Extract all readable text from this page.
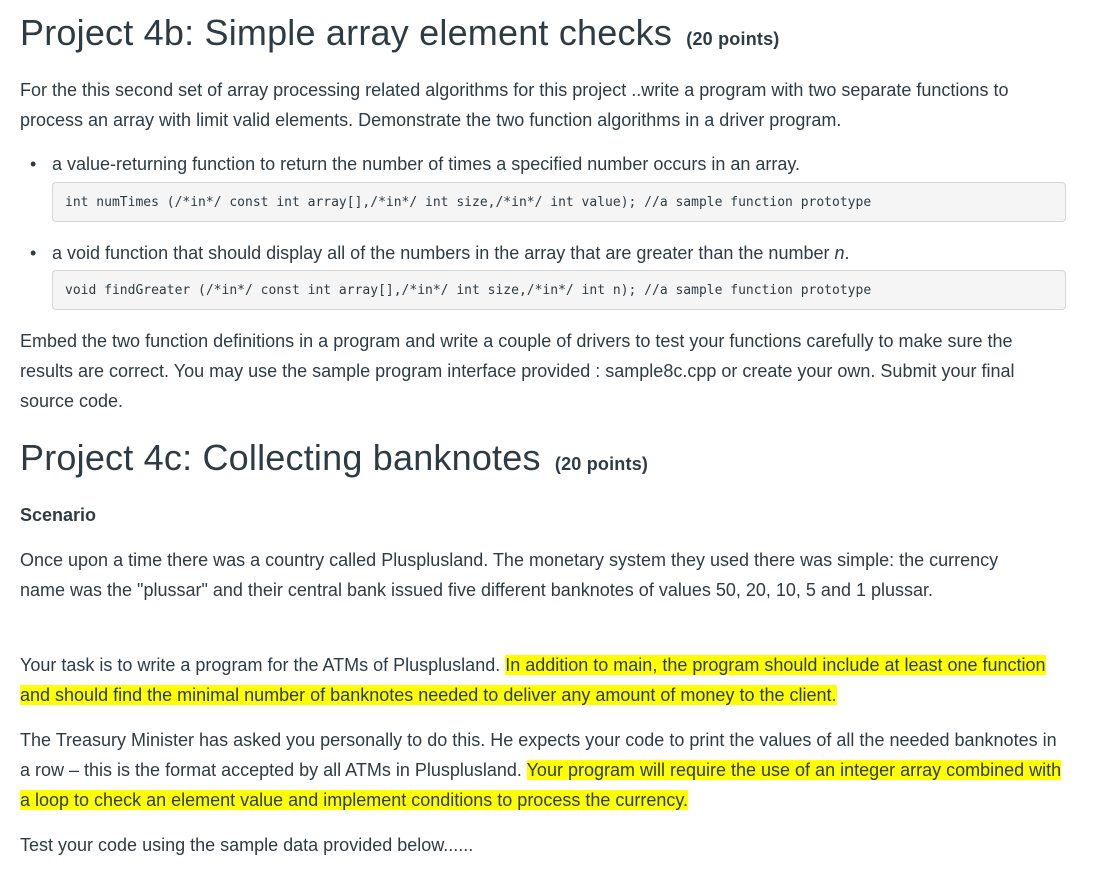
Project 4b: Simple array element checks (20 points)

For the this second set of array processing related algorithms for this project ..write a program with two separate functions to process an array with limit valid elements. Demonstrate the two function algorithms in a driver program.

• a value-returning function to return the number of times a specified number occurs in an array.
• a void function that should display all of the numbers in the array that are greater than the number n.
int numTimes (/*in*/ const int array[],/*in*/ int size,/*in*/ int value); //a sample function prototype
void findGreater (/*in*/ const int array[],/*in*/ int size,/*in*/ int n); //a sample function prototype

Embed the two function definitions in a program and write a couple of drivers to test your functions carefully to make sure the results are correct. You may use the sample program interface provided : sample8c.cpp or create your own. Submit your final source code.

Project 4c: Collecting banknotes (20 points)
Scenario

Once upon a time there was a country called Plusplusland. The monetary system they used there was simple: the currency name was the "plussar" and their central bank issued five different banknotes of values 50, 20, 10, 5 and 1 plussar.

Your task is to write a program for the ATMs of Plusplusland. In addition to main, the program should include at least one function and should find the minimal number of banknotes needed to deliver any amount of money to the client.

The Treasury Minister has asked you personally to do this. He expects your code to print the values of all the needed banknotes in a row – this is the format accepted by all ATMs in Plusplusland. Your program will require the use of an integer array combined with a loop to check an element value and implement conditions to process the currency.

Test your code using the sample data provided below......
